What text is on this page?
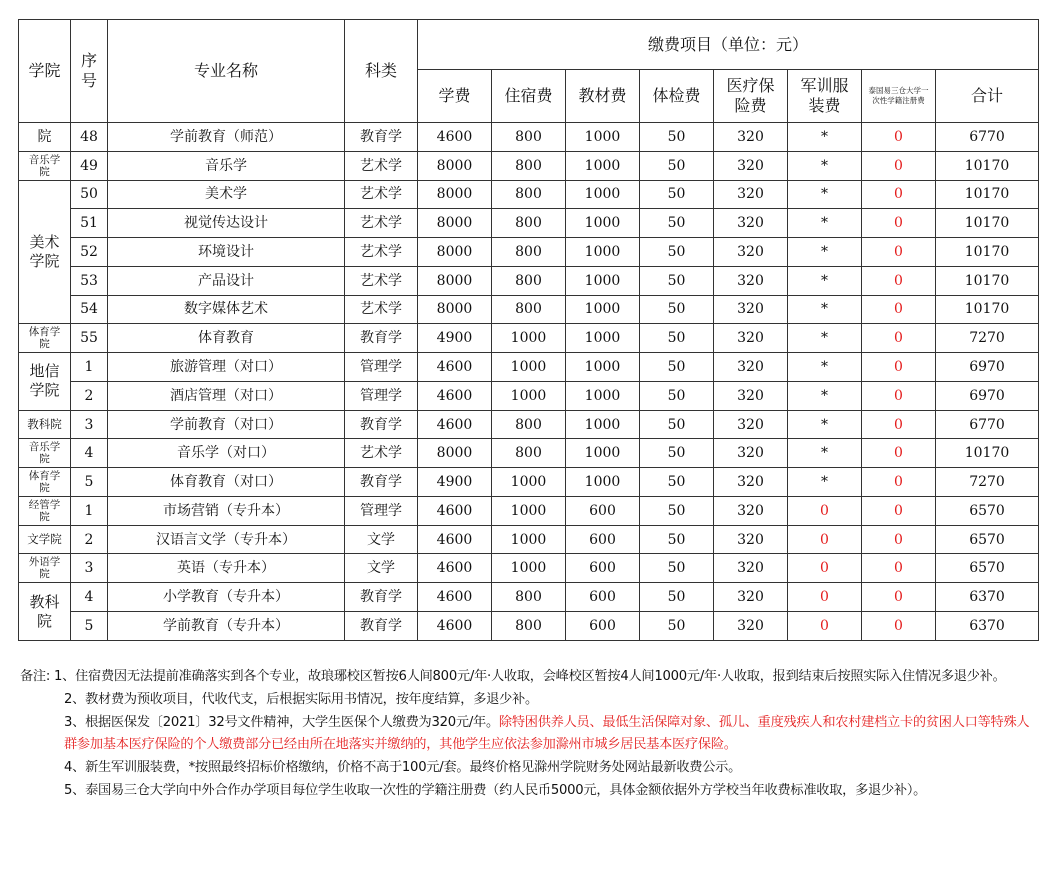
学院	序号	专业名称	科类	缴费项目（单位：元）							
				学费	住宿费	教材费	体检费	医疗保险费	军训服装费	泰国易三仓大学一次性学籍注册费	合计

院	48	学前教育（师范）	教育学	4600	800	1000	50	320	*	0	6770

音乐学院	49	音乐学	艺术学	8000	800	1000	50	320	*	0	10170

美术学院	50	美术学	艺术学	8000	800	1000	50	320	*	0	10170
	51	视觉传达设计	艺术学	8000	800	1000	50	320	*	0	10170
	52	环境设计	艺术学	8000	800	1000	50	320	*	0	10170
	53	产品设计	艺术学	8000	800	1000	50	320	*	0	10170
	54	数字媒体艺术	艺术学	8000	800	1000	50	320	*	0	10170

体育学院	55	体育教育	教育学	4900	1000	1000	50	320	*	0	7270

地信学院	1	旅游管理（对口）	管理学	4600	1000	1000	50	320	*	0	6970
	2	酒店管理（对口）	管理学	4600	1000	1000	50	320	*	0	6970

教科院	3	学前教育（对口）	教育学	4600	800	1000	50	320	*	0	6770

音乐学院	4	音乐学（对口）	艺术学	8000	800	1000	50	320	*	0	10170

体育学院	5	体育教育（对口）	教育学	4900	1000	1000	50	320	*	0	7270

经管学院	1	市场营销（专升本）	管理学	4600	1000	600	50	320	0	0	6570

文学院	2	汉语言文学（专升本）	文学	4600	1000	600	50	320	0	0	6570

外语学院	3	英语（专升本）	文学	4600	1000	600	50	320	0	0	6570

教科院	4	小学教育（专升本）	教育学	4600	800	600	50	320	0	0	6370
	5	学前教育（专升本）	教育学	4600	800	600	50	320	0	0	6370

备注: 1、住宿费因无法提前准确落实到各个专业，故琅琊校区暂按6人间800元/年·人收取，会峰校区暂按4人间1000元/年·人收取，报到结束后按照实际入住情况多退少补。

2、教材费为预收项目，代收代支，后根据实际用书情况，按年度结算，多退少补。

3、根据医保发〔2021〕32号文件精神，大学生医保个人缴费为320元/年。除特困供养人员、最低生活保障对象、孤儿、重度残疾人和农村建档立卡的贫困人口等特殊人群参加基本医疗保险的个人缴费部分已经由所在地落实并缴纳的，其他学生应依法参加滁州市城乡居民基本医疗保险。

4、新生军训服装费，*按照最终招标价格缴纳，价格不高于100元/套。最终价格见滁州学院财务处网站最新收费公示。

5、泰国易三仓大学向中外合作办学项目每位学生收取一次性的学籍注册费（约人民币5000元，具体金额依据外方学校当年收费标准收取，多退少补）。
